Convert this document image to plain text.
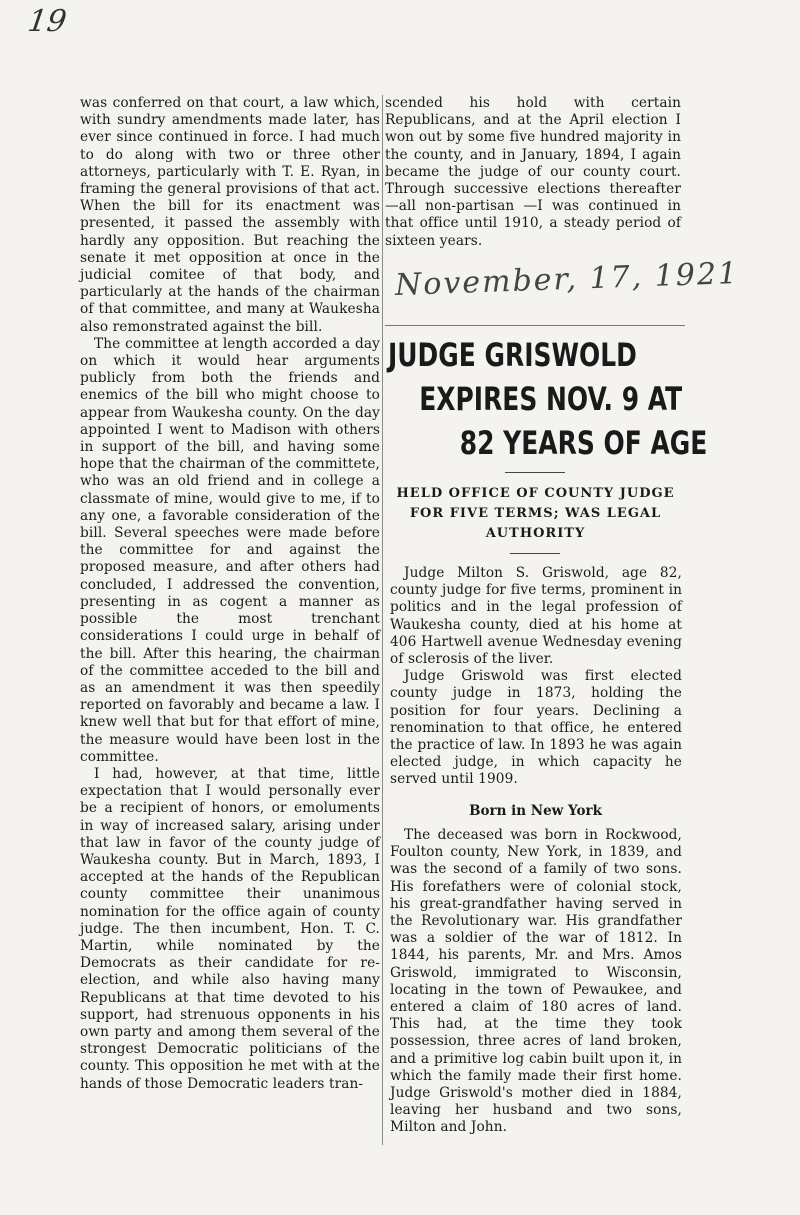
19

was conferred on that court, a law which, with sundry amendments made later, has ever since continued in force. I had much to do along with two or three other attorneys, particularly with T. E. Ryan, in framing the general provisions of that act. When the bill for its enactment was presented, it passed the assembly with hardly any opposition. But reaching the senate it met opposition at once in the judicial comitee of that body, and particularly at the hands of the chairman of that committee, and many at Waukesha also remonstrated against the bill.

The committee at length accorded a day on which it would hear arguments publicly from both the friends and enemics of the bill who might choose to appear from Waukesha county. On the day appointed I went to Madison with others in support of the bill, and having some hope that the chairman of the committete, who was an old friend and in college a classmate of mine, would give to me, if to any one, a favorable consideration of the bill. Several speeches were made before the committee for and against the proposed measure, and after others had concluded, I addressed the convention, presenting in as cogent a manner as possible the most trenchant considerations I could urge in behalf of the bill. After this hearing, the chairman of the committee acceded to the bill and as an amendment it was then speedily reported on favorably and became a law. I knew well that but for that effort of mine, the measure would have been lost in the committee.

I had, however, at that time, little expectation that I would personally ever be a recipient of honors, or emoluments in way of increased salary, arising under that law in favor of the county judge of Waukesha county. But in March, 1893, I accepted at the hands of the Republican county committee their unanimous nomination for the office again of county judge. The then incumbent, Hon. T. C. Martin, while nominated by the Democrats as their candidate for re-election, and while also having many Republicans at that time devoted to his support, had strenuous opponents in his own party and among them several of the strongest Democratic politicians of the county. This opposition he met with at the hands of those Democratic leaders tran-

scended his hold with certain Republicans, and at the April election I won out by some five hundred majority in the county, and in January, 1894, I again became the judge of our county court. Through successive elections thereafter—all non-partisan —I was continued in that office until 1910, a steady period of sixteen years.

November, 17, 1921
JUDGE GRISWOLD
EXPIRES NOV. 9 AT
82 YEARS OF AGE
HELD OFFICE OF COUNTY JUDGE FOR FIVE TERMS; WAS LEGAL AUTHORITY

Judge Milton S. Griswold, age 82, county judge for five terms, prominent in politics and in the legal profession of Waukesha county, died at his home at 406 Hartwell avenue Wednesday evening of sclerosis of the liver.

Judge Griswold was first elected county judge in 1873, holding the position for four years. Declining a renomination to that office, he entered the practice of law. In 1893 he was again elected judge, in which capacity he served until 1909.

Born in New York

The deceased was born in Rockwood, Foulton county, New York, in 1839, and was the second of a family of two sons. His forefathers were of colonial stock, his great-grandfather having served in the Revolutionary war. His grandfather was a soldier of the war of 1812. In 1844, his parents, Mr. and Mrs. Amos Griswold, immigrated to Wisconsin, locating in the town of Pewaukee, and entered a claim of 180 acres of land. This had, at the time they took possession, three acres of land broken, and a primitive log cabin built upon it, in which the family made their first home. Judge Griswold's mother died in 1884, leaving her husband and two sons, Milton and John.
